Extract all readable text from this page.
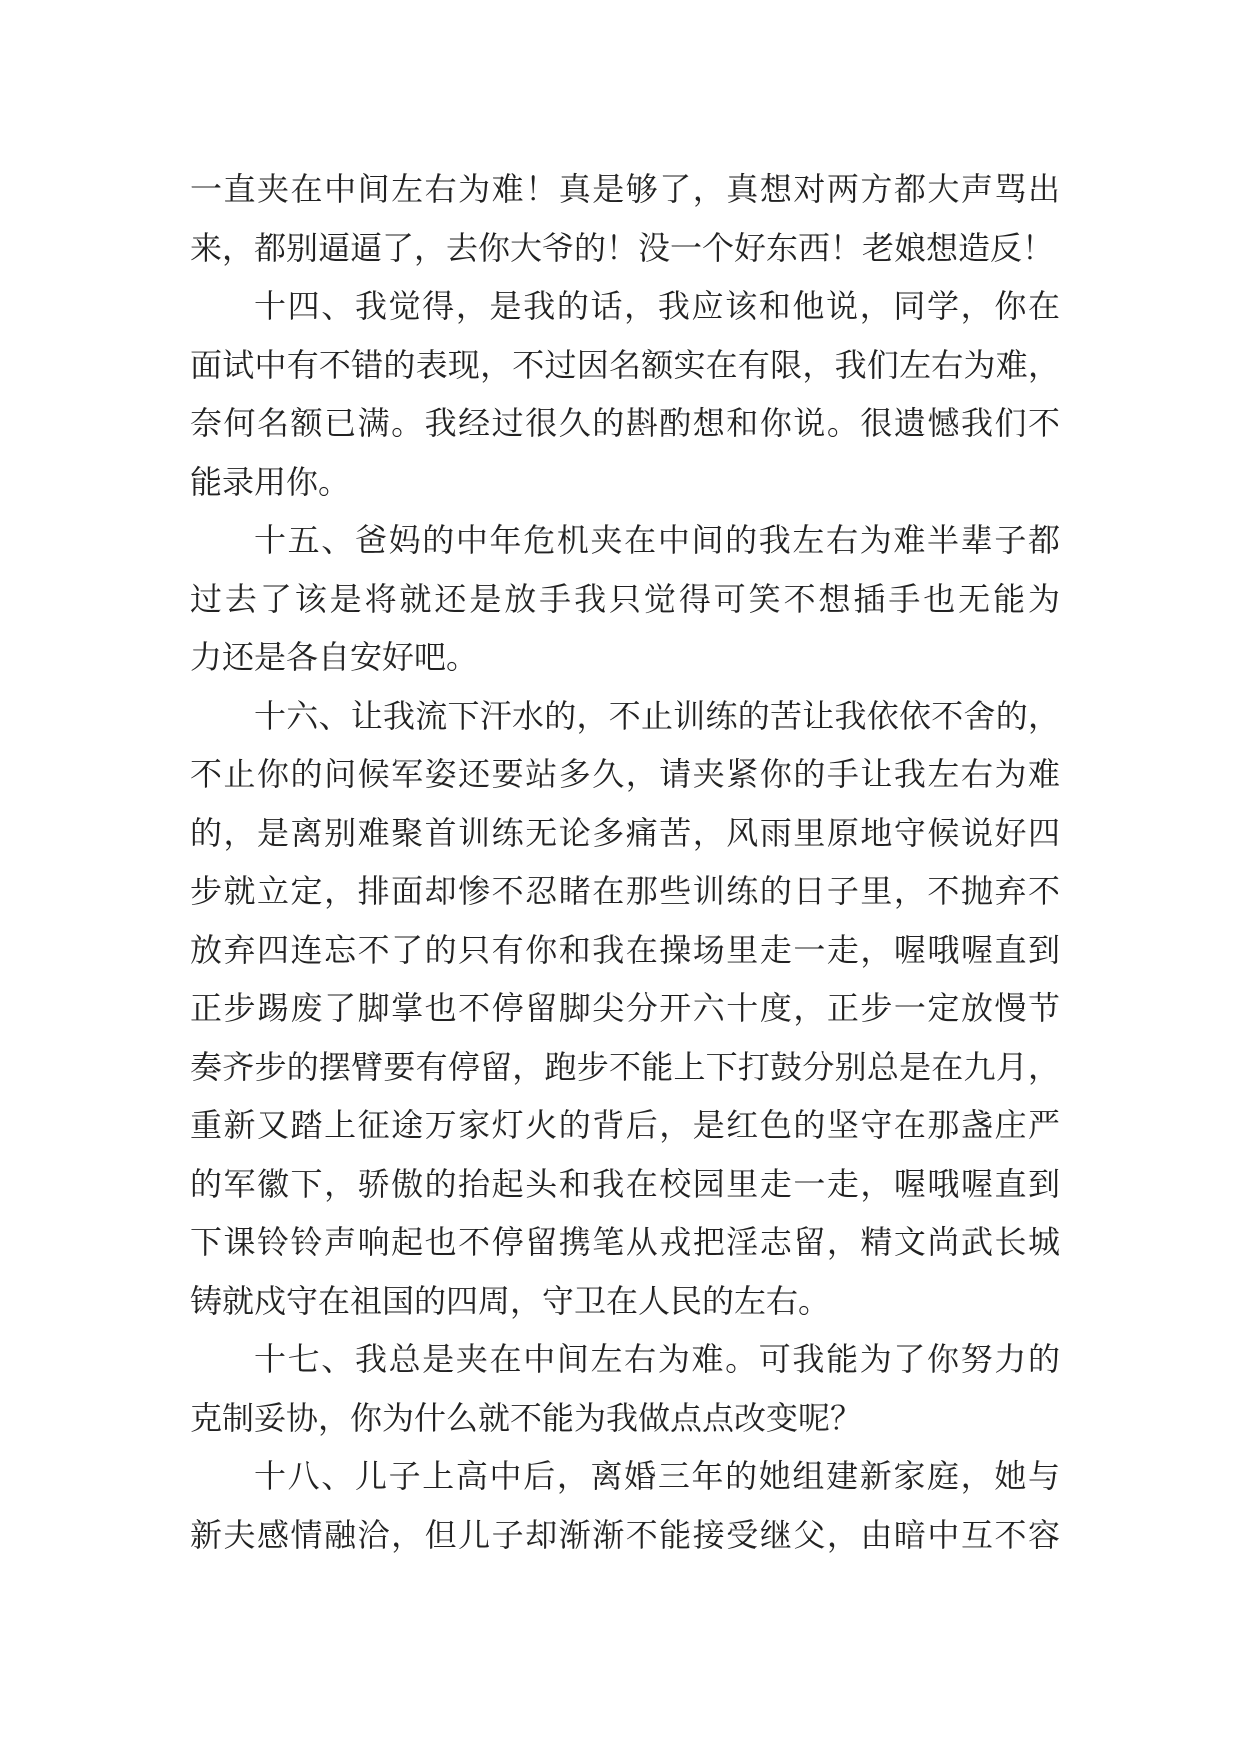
一直夹在中间左右为难！真是够了，真想对两方都大声骂出
来，都别逼逼了，去你大爷的！没一个好东西！老娘想造反！
十四、我觉得，是我的话，我应该和他说，同学，你在
面试中有不错的表现，不过因名额实在有限，我们左右为难，
奈何名额已满。我经过很久的斟酌想和你说。很遗憾我们不
能录用你。
十五、爸妈的中年危机夹在中间的我左右为难半辈子都
过去了该是将就还是放手我只觉得可笑不想插手也无能为
力还是各自安好吧。
十六、让我流下汗水的，不止训练的苦让我依依不舍的，
不止你的问候军姿还要站多久，请夹紧你的手让我左右为难
的，是离别难聚首训练无论多痛苦，风雨里原地守候说好四
步就立定，排面却惨不忍睹在那些训练的日子里，不抛弃不
放弃四连忘不了的只有你和我在操场里走一走，喔哦喔直到
正步踢废了脚掌也不停留脚尖分开六十度，正步一定放慢节
奏齐步的摆臂要有停留，跑步不能上下打鼓分别总是在九月，
重新又踏上征途万家灯火的背后，是红色的坚守在那盏庄严
的军徽下，骄傲的抬起头和我在校园里走一走，喔哦喔直到
下课铃铃声响起也不停留携笔从戎把淫志留，精文尚武长城
铸就戍守在祖国的四周，守卫在人民的左右。
十七、我总是夹在中间左右为难。可我能为了你努力的
克制妥协，你为什么就不能为我做点点改变呢？
十八、儿子上高中后，离婚三年的她组建新家庭，她与
新夫感情融洽，但儿子却渐渐不能接受继父，由暗中互不容
